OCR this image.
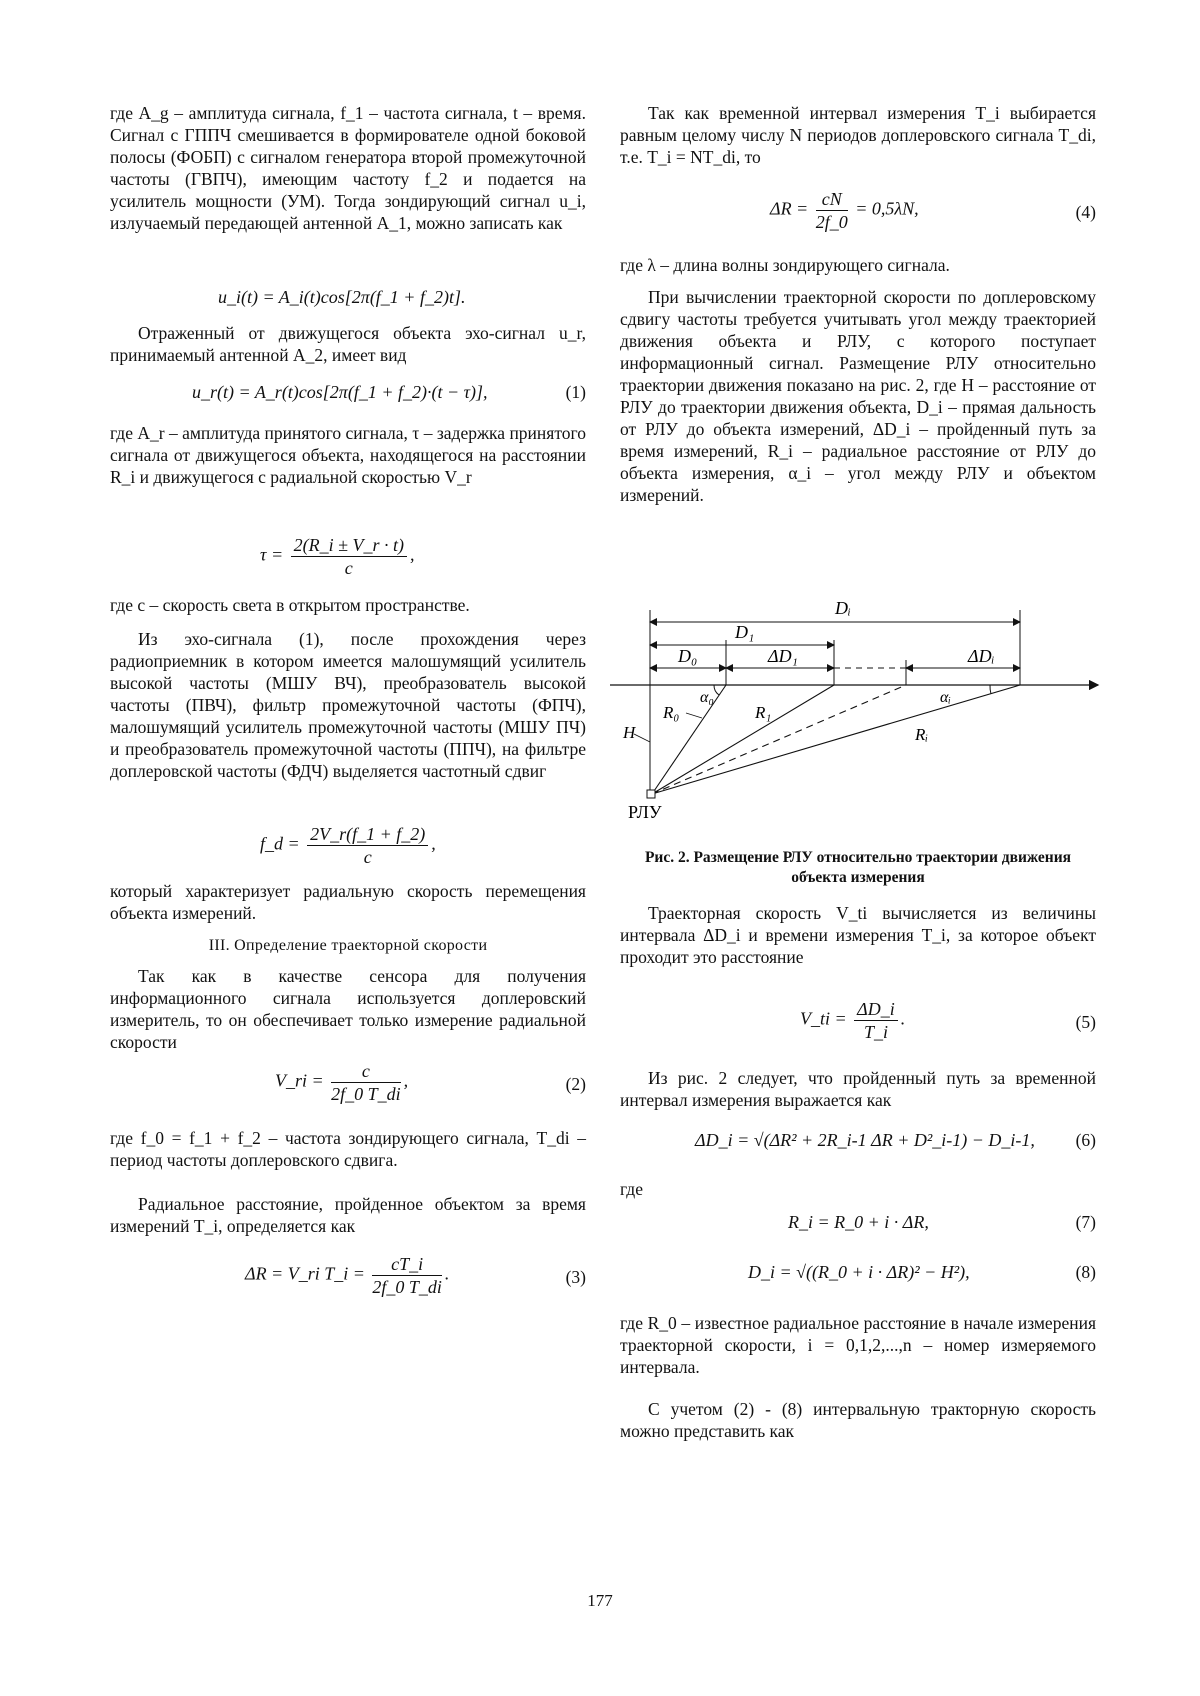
где A_g – амплитуда сигнала, f_1 – частота сигнала, t – время. Сигнал с ГППЧ смешивается в формирователе одной боковой полосы (ФОБП) с сигналом генератора второй промежуточной частоты (ГВПЧ), имеющим частоту f_2 и подается на усилитель мощности (УМ). Тогда зондирующий сигнал u_i, излучаемый передающей антенной A_1, можно записать как

u_i(t) = A_i(t)cos[2π(f_1 + f_2)t].

Отраженный от движущегося объекта эхо-сигнал u_r, принимаемый антенной A_2, имеет вид

u_r(t) = A_r(t)cos[2π(f_1 + f_2)·(t − τ)],	(1)

где A_r – амплитуда принятого сигнала, τ – задержка принятого сигнала от движущегося объекта, находящегося на расстоянии R_i и движущегося с радиальной скоростью V_r

$\tau = \frac{2(R\_i \pm V\_r \cdot t)}{c}$ ,

где c – скорость света в открытом пространстве.

Из эхо-сигнала (1), после прохождения через радиоприемник в котором имеется малошумящий усилитель высокой частоты (МШУ ВЧ), преобразователь высокой частоты (ПВЧ), фильтр промежуточной частоты (ФПЧ), малошумящий усилитель промежуточной частоты (МШУ ПЧ) и преобразователь промежуточной частоты (ППЧ), на фильтре доплеровской частоты (ФДЧ) выделяется частотный сдвиг

f_d = $\frac{2V\_r(f\_1 + f\_2)}{c}$ ,

который характеризует радиальную скорость перемещения объекта измерений.

III. Определение траекторной скорости

Так как в качестве сенсора для получения информационного сигнала используется доплеровский измеритель, то он обеспечивает только измерение радиальной скорости

V_ri = $\frac{c}{2f\_0 T\_di}$ ,	(2)

где f_0 = f_1 + f_2 – частота зондирующего сигнала, T_di – период частоты доплеровского сдвига.

Радиальное расстояние, пройденное объектом за время измерений T_i, определяется как

ΔR = V_ri T_i = $\frac{cT\_i}{2f\_0 T\_di}$ .	(3)

Так как временной интервал измерения T_i выбирается равным целому числу N периодов доплеровского сигнала T_di, т.е. T_i = NT_di, то

$\Delta R = \frac{cN}{2f\_0} = 0,5\lambda N$,	(4)

где λ – длина волны зондирующего сигнала.

При вычислении траекторной скорости по доплеровскому сдвигу частоты требуется учитывать угол между траекторией движения объекта и РЛУ, с которого поступает информационный сигнал. Размещение РЛУ относительно траектории движения показано на рис. 2, где H – расстояние от РЛУ до траектории движения объекта, D_i – прямая дальность от РЛУ до объекта измерений, ΔD_i – пройденный путь за время измерений, R_i – радиальное расстояние от РЛУ до объекта измерения, α_i – угол между РЛУ и объектом измерений.

Dᵢ
D₁
D₀	ΔD₁	ΔDᵢ
α₀	αᵢ
R₀	R₁
Rᵢ
H
РЛУ
Рис. 2. Размещение РЛУ относительно траектории движения объекта измерения

Траекторная скорость V_ti вычисляется из величины интервала ΔD_i и времени измерения T_i, за которое объект проходит это расстояние

V_ti = $\frac{\Delta D\_i}{T\_i}$ .	(5)

Из рис. 2 следует, что пройденный путь за временной интервал измерения выражается как

ΔD_i = √(ΔR² + 2R_i-1 ΔR + D²_i-1) − D_i-1, (6)

где

R_i = R_0 + i · ΔR,	(7)
D_i = √((R_0 + i · ΔR)² − H²),	(8)

где R_0 – известное радиальное расстояние в начале измерения траекторной скорости, i = 0,1,2,...,n – номер измеряемого интервала.

С учетом (2) - (8) интервальную тракторную скорость можно представить как

177
